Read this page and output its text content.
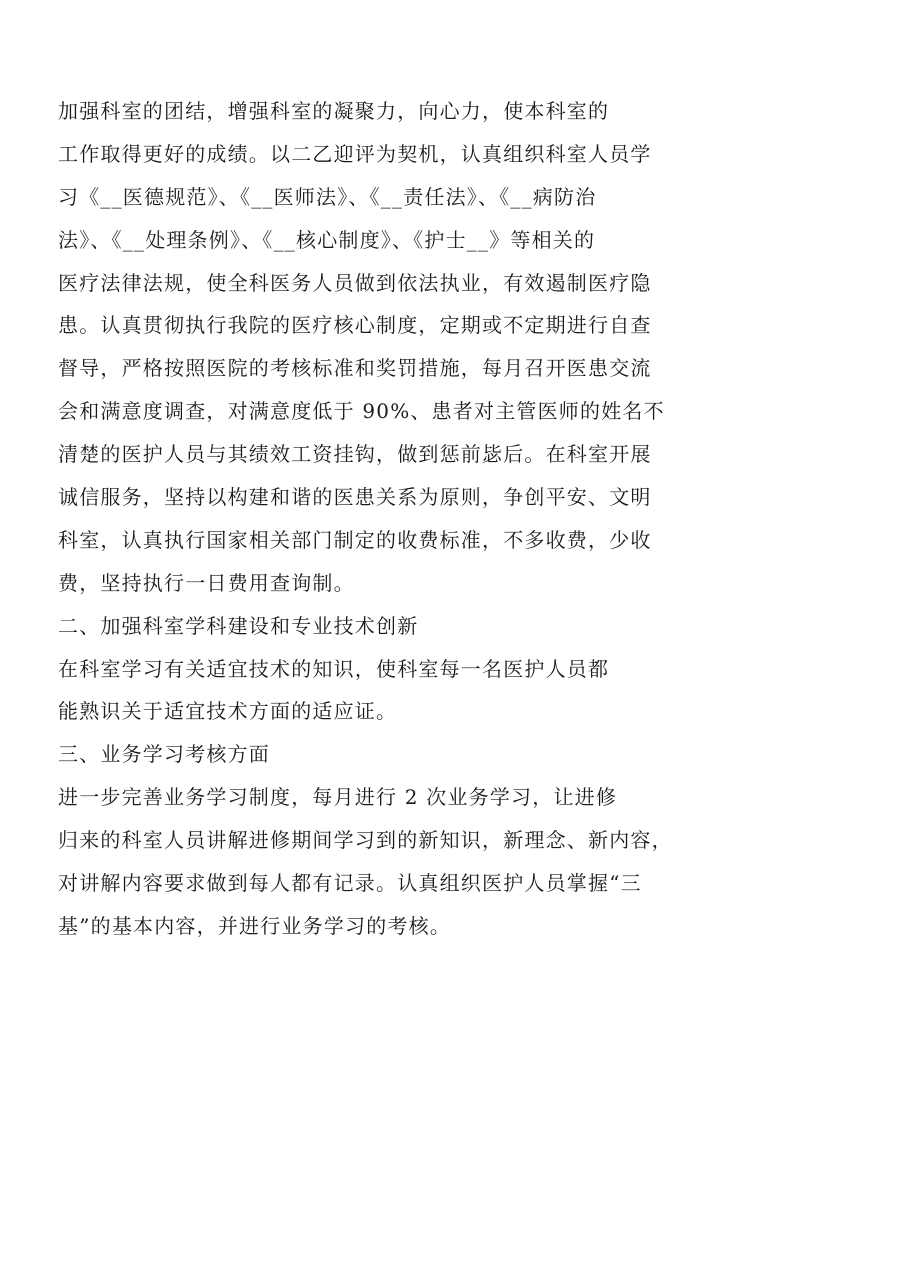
加强科室的团结，增强科室的凝聚力，向心力，使本科室的
工作取得更好的成绩。以二乙迎评为契机，认真组织科室人员学
习《__医德规范》、《__医师法》、《__责任法》、《__病防治
法》、《__处理条例》、《__核心制度》、《护士__》等相关的
医疗法律法规，使全科医务人员做到依法执业，有效遏制医疗隐
患。认真贯彻执行我院的医疗核心制度，定期或不定期进行自查
督导，严格按照医院的考核标准和奖罚措施，每月召开医患交流
会和满意度调查，对满意度低于 90%、患者对主管医师的姓名不
清楚的医护人员与其绩效工资挂钩，做到惩前毖后。在科室开展
诚信服务，坚持以构建和谐的医患关系为原则，争创平安、文明
科室，认真执行国家相关部门制定的收费标准，不多收费，少收
费，坚持执行一日费用查询制。
二、加强科室学科建设和专业技术创新
在科室学习有关适宜技术的知识，使科室每一名医护人员都
能熟识关于适宜技术方面的适应证。
三、业务学习考核方面
进一步完善业务学习制度，每月进行 2 次业务学习，让进修
归来的科室人员讲解进修期间学习到的新知识，新理念、新内容，
对讲解内容要求做到每人都有记录。认真组织医护人员掌握“三
基”的基本内容，并进行业务学习的考核。
